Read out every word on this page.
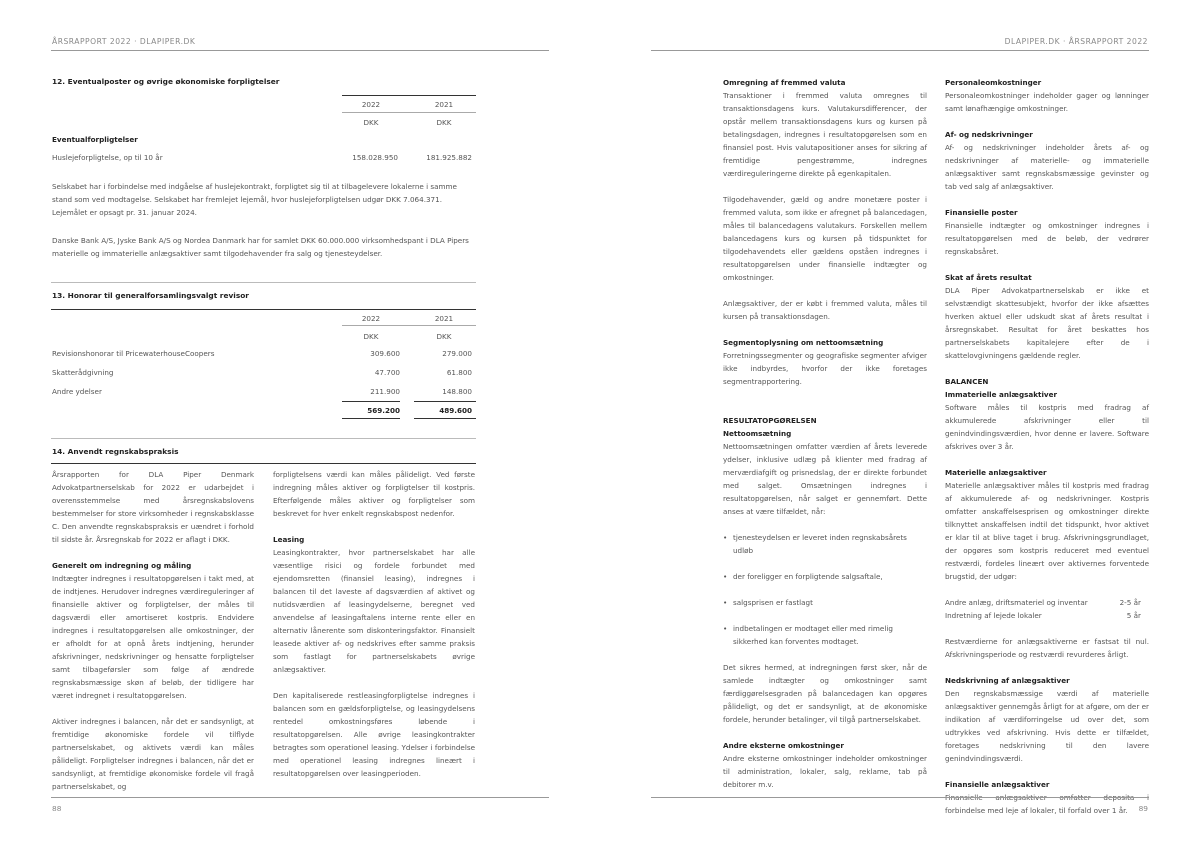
ÅRSRAPPORT 2022 · DLAPIPER.DK
12. Eventualposter og øvrige økonomiske forpligtelser
2022	2021
DKK	DKK
Eventualforpligtelser
Huslejeforpligtelse, op til 10 år	158.028.950	181.925.882
Selskabet har i forbindelse med indgåelse af huslejekontrakt, forpligtet sig til at tilbagelevere lokalerne i samme stand som ved modtagelse. Selskabet har fremlejet lejemål, hvor huslejeforpligtelsen udgør DKK 7.064.371. Lejemålet er opsagt pr. 31. januar 2024.
Danske Bank A/S, Jyske Bank A/S og Nordea Danmark har for samlet DKK 60.000.000 virksomhedspant i DLA Pipers materielle og immaterielle anlægsaktiver samt tilgodehavender fra salg og tjenesteydelser.
13. Honorar til generalforsamlingsvalgt revisor
2022	2021
DKK	DKK
Revisionshonorar til PricewaterhouseCoopers	309.600	279.000
Skatterådgivning	47.700	61.800
Andre ydelser	211.900	148.800
569.200	489.600
14. Anvendt regnskabspraksis
Årsrapporten for DLA Piper Denmark Advokatpartnerselskab for 2022 er udarbejdet i overensstemmelse med årsregnskabslovens bestemmelser for store virksomheder i regnskabsklasse C. Den anvendte regnskabspraksis er uændret i forhold til sidste år. Årsregnskab for 2022 er aflagt i DKK.
Generelt om indregning og måling
Indtægter indregnes i resultatopgørelsen i takt med, at de indtjenes. Herudover indregnes værdireguleringer af finansielle aktiver og forpligtelser, der måles til dagsværdi eller amortiseret kostpris. Endvidere indregnes i resultatopgørelsen alle omkostninger, der er afholdt for at opnå årets indtjening, herunder afskrivninger, nedskrivninger og hensatte forpligtelser samt tilbageførsler som følge af ændrede regnskabsmæssige skøn af beløb, der tidligere har været indregnet i resultatopgørelsen.
Aktiver indregnes i balancen, når det er sandsynligt, at fremtidige økonomiske fordele vil tilflyde partnerselskabet, og aktivets værdi kan måles pålideligt. Forpligtelser indregnes i balancen, når det er sandsynligt, at fremtidige økonomiske fordele vil fragå partnerselskabet, og
forpligtelsens værdi kan måles pålideligt. Ved første indregning måles aktiver og forpligtelser til kostpris. Efterfølgende måles aktiver og forpligtelser som beskrevet for hver enkelt regnskabspost nedenfor.
Leasing
Leasingkontrakter, hvor partnerselskabet har alle væsentlige risici og fordele forbundet med ejendomsretten (finansiel leasing), indregnes i balancen til det laveste af dagsværdien af aktivet og nutidsværdien af leasingydelserne, beregnet ved anvendelse af leasingaftalens interne rente eller en alternativ lånerente som diskonteringsfaktor. Finansielt leasede aktiver af- og nedskrives efter samme praksis som fastlagt for partnerselskabets øvrige anlægsaktiver.
Den kapitaliserede restleasingforpligtelse indregnes i balancen som en gældsforpligtelse, og leasingydelsens rentedel omkostningsføres løbende i resultatopgørelsen. Alle øvrige leasingkontrakter betragtes som operationel leasing. Ydelser i forbindelse med operationel leasing indregnes lineært i resultatopgørelsen over leasingperioden.
88
DLAPIPER.DK · ÅRSRAPPORT 2022
Omregning af fremmed valuta
Transaktioner i fremmed valuta omregnes til transaktionsdagens kurs. Valutakursdifferencer, der opstår mellem transaktionsdagens kurs og kursen på betalingsdagen, indregnes i resultatopgørelsen som en finansiel post. Hvis valutapositioner anses for sikring af fremtidige pengestrømme, indregnes værdireguleringerne direkte på egenkapitalen.
Tilgodehavender, gæld og andre monetære poster i fremmed valuta, som ikke er afregnet på balancedagen, måles til balancedagens valutakurs. Forskellen mellem balancedagens kurs og kursen på tidspunktet for tilgodehavendets eller gældens opståen indregnes i resultatopgørelsen under finansielle indtægter og omkostninger.
Anlægsaktiver, der er købt i fremmed valuta, måles til kursen på transaktionsdagen.
Segmentoplysning om nettoomsætning
Forretningssegmenter og geografiske segmenter afviger ikke indbyrdes, hvorfor der ikke foretages segmentrapportering.
RESULTATOPGØRELSEN
Nettoomsætning
Nettoomsætningen omfatter værdien af årets leverede ydelser, inklusive udlæg på klienter med fradrag af merværdiafgift og prisnedslag, der er direkte forbundet med salget. Omsætningen indregnes i resultatopgørelsen, når salget er gennemført. Dette anses at være tilfældet, når:
• tjenesteydelsen er leveret inden regnskabsårets udløb
• der foreligger en forpligtende salgsaftale,
• salgsprisen er fastlagt
• indbetalingen er modtaget eller med rimelig sikkerhed kan forventes modtaget.
Det sikres hermed, at indregningen først sker, når de samlede indtægter og omkostninger samt færdiggørelsesgraden på balancedagen kan opgøres pålideligt, og det er sandsynligt, at de økonomiske fordele, herunder betalinger, vil tilgå partnerselskabet.
Andre eksterne omkostninger
Andre eksterne omkostninger indeholder omkostninger til administration, lokaler, salg, reklame, tab på debitorer m.v.
Personaleomkostninger
Personaleomkostninger indeholder gager og lønninger samt lønafhængige omkostninger.
Af- og nedskrivninger
Af- og nedskrivninger indeholder årets af- og nedskrivninger af materielle- og immaterielle anlægsaktiver samt regnskabsmæssige gevinster og tab ved salg af anlægsaktiver.
Finansielle poster
Finansielle indtægter og omkostninger indregnes i resultatopgørelsen med de beløb, der vedrører regnskabsåret.
Skat af årets resultat
DLA Piper Advokatpartnerselskab er ikke et selvstændigt skattesubjekt, hvorfor der ikke afsættes hverken aktuel eller udskudt skat af årets resultat i årsregnskabet. Resultat for året beskattes hos partnerselskabets kapitalejere efter de i skattelovgivningens gældende regler.
BALANCEN
Immaterielle anlægsaktiver
Software måles til kostpris med fradrag af akkumulerede afskrivninger eller til genindvindingsværdien, hvor denne er lavere. Software afskrives over 3 år.
Materielle anlægsaktiver
Materielle anlægsaktiver måles til kostpris med fradrag af akkumulerede af- og nedskrivninger. Kostpris omfatter anskaffelsesprisen og omkostninger direkte tilknyttet anskaffelsen indtil det tidspunkt, hvor aktivet er klar til at blive taget i brug. Afskrivningsgrundlaget, der opgøres som kostpris reduceret med eventuel restværdi, fordeles lineært over aktivernes forventede brugstid, der udgør:
Andre anlæg, driftsmateriel og inventar	2-5 år
Indretning af lejede lokaler	5 år
Restværdierne for anlægsaktiverne er fastsat til nul. Afskrivningsperiode og restværdi revurderes årligt.
Nedskrivning af anlægsaktiver
Den regnskabsmæssige værdi af materielle anlægsaktiver gennemgås årligt for at afgøre, om der er indikation af værdiforringelse ud over det, som udtrykkes ved afskrivning. Hvis dette er tilfældet, foretages nedskrivning til den lavere genindvindingsværdi.
Finansielle anlægsaktiver
forbindelse med leje af lokaler, til forfald over 1 år.	89
